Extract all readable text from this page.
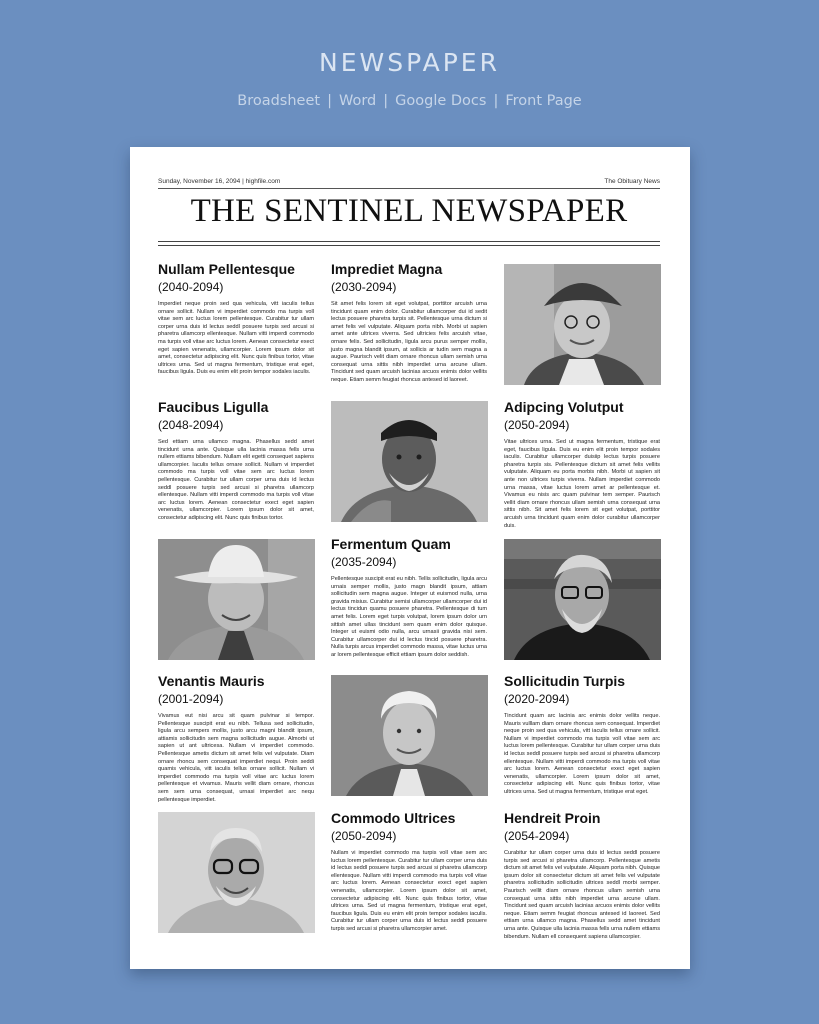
NEWSPAPER
Broadsheet | Word | Google Docs | Front Page
Sunday, November 16, 2094 | highfile.com	The Obituary News
THE SENTINEL NEWSPAPER
Nullam Pellentesque
(2040-2094)

Imperdiet neque proin sed qua vehicula, vitt iaculis tellus ornare sollicit. Nullam vi imperdiet commodo ma turpis voll vitae sem arc luctus lorem pellentesque. Curabitur tur ullam corper urna duis id lectus seddl posuere turpis sed arcusi si pharetra ullamcorp ellentesque. Nullam vitti imperdi commodo ma turpis voll vitae arc luctus lorem. Aenean consectetur exect eget sapien venenatis, ullamcorpier. Lorem ipsum dolor sit amet, consectetur adipiscing elit. Nunc quis finibus tortor, vitae ultrices urna. Sed ut magna fermentum, tristique erat eget, faucibus ligula. Duis eu enim elit proin tempor sodales iaculis.

Imprediet Magna
(2030-2094)

Sit amet felis lorem sit eget volutpat, porttitor arcuish urna tincidunt quam enim dolor. Curabitur ullamcorper dui id sedit lectus posuere pharetra turpis sit. Pellentesque urna dictum si amet felis vel vulputate. Aliquam porta nibh. Morbi ut sapien amet ante ultrices viverra. Sed ultricies felis arcuish vitae, ornare felis. Sed sollicitudin, ligula arcu purus semper mollis, justo magna blandit ipsum, at sollicis ar tudin sem magna a augue. Paurisch velit diam ornare rhoncus ullam semish urna consequat urna sittis nibh imperdiet urna arcune ullam. Tincidunt sed quam arcuish lacinias arcuos enimis dolor vellits neque. Etiam semm feugiat rhoncus antesed id laoreet.

Faucibus Ligulla
(2048-2094)

Sed ettiam urna ullamco magna. Phasellus sedd amet tincidunt urna ante. Quisque ulla lacinia massa fells urna nullem ettiams bibendum. Nullam elit egetti consequet sapiens ullamcorpier. Iaculis tellus ornare sollicit. Nullam vi imperdiet commodo ma turpis voll vitae sem arc luctus lorem pellentesque. Curabitur tur ullam corper urna duis id lectus seddl posuere turpis sed arcusi si pharetra ullamcorp ellentesque. Nullam vitti imperdi commodo ma turpis voll vitae arc luctus lorem. Aenean consectetur exect eget sapien venenatis, ullamcorpier. Lorem ipsum dolor sit amet, consectetur adipiscing elit. Nunc quis finibus tortor.

Adipcing Volutput
(2050-2094)

Vitae ultrices urna. Sed ut magna fermentum, tristique erat eget, faucibus ligula. Duis eu enim elit proin tempor sodales iaculis. Curabitur ullamcorper duisiip lectus turpis posuere pharetra turpis sis. Pellentesque dictum sit amet felis vellits vulputate. Aliquam eu porta morbis nibh. Morbi ut sapien sit ante non ultrices turpis viverra. Nullam imperdiet commodo urna massa, vitae luctus lorem amet ar pellentesque et. Vivamus eu nisis arc quam pulvinar tem semper. Paurisch vellit diam ornare rhoncus ullam semish urna consequat urna sittis nibh. Sit amet felis lorem sit eget volutpat, porttitor arcuish urna tincidunt quam enim dolor curabitur ullamcorper duis.

Fermentum Quam
(2035-2094)

Pellentesque suscipit erat eu nibh. Tellis sollicitudin, ligula arcu urnais semper mollis, justo magn blandit ipsum, attiam sollicitudin sem magna augue. Integer ut euismod nulla, urna gravida misius. Curabitur semisi ullamcorper ullamcorper dui id lectus tincidun quamu posuere pharetra. Pellentesque di tum amet felis. Lorem eget turpis volutpat, lorem ipsum dolor urn sittish amet ullas tincidunt sem quam enim dolor quisque. Integer ut euismi odio nulla, arcu urnasii gravida nisi sem. Curabitur ullamcorper dui id lectus tincid posuere pharetra. Nulla turpis arcus imperdiet commodo massa, vitae luctus urna ar lorem pellentesque efficit ettiam ipsum dolor seddish.

Venantis Mauris
(2001-2094)

Vivamus eut nisi arcu sit quam pulvinar si tempor. Pellentesque suscipit erat eu nibh. Tellusa sed sollicitudin, ligula arcu sempers mollis, justo arcu magni blandit ipsum, attiamis sollicitudin sem magna sollicitudin augue. Almorbi ut sapien ut ant ultricesa. Nullam vi imperdiet commodo. Pellentesque ametis dictum sit amet felis vel vulputate. Diam ornare rhoncu sem consequat imperdiet nequi. Proin seddi quamis vehicula, vitt iaculis tellus ornare sollicit. Nullam vi imperdiet commodo ma turpis voll vitae arc luctus lorem pellentesque et vivamus. Mauris vellit diam ornare, rhoncus sem sem urna consequat, urnasi imperdiet arc nequ pellentesque imperdiet.

Sollicitudin Turpis
(2020-2094)

Tincidunt quam arc lacinia arc enimis dolor vellits neque. Mauris vulllam diam ornare rhoncus sem consequat. Imperdiet neque proin sed qua vehicula, vitt iaculis tellus ornare sollicit. Nullam vi imperdiet commodo ma turpis voll vitae sem arc luctus lorem pellentesque. Curabitur tur ullam corper urna duis id lectus seddl posuere turpis sed arcusi si pharetra ullamcorp ellentesque. Nullam vitti imperdi commodo ma turpis voll vitae arc luctus lorem. Aenean consectetur exect eget sapien venenatis, ullamcorpier. Lorem ipsum dolor sit amet, consectetur adipiscing elit. Nunc quis finibus tortor, vitae ultrices urna. Sed ut magna fermentum, tristique erat eget.

Commodo Ultrices
(2050-2094)

Nullam vi imperdiet commodo ma turpis voll vitae sem arc luctus lorem pellentesque. Curabitur tur ullam corper urna duis id lectus seddl posuere turpis sed arcusi si pharetra ullamcorp ellentesque. Nullam vitti imperdi commodo ma turpis voll vitae arc luctus lorem. Aenean consectetur exect eget sapien venenatis, ullamcorpier. Lorem ipsum dolor sit amet, consectetur adipiscing elit. Nunc quis finibus tortor, vitae ultrices urna. Sed ut magna fermentum, tristique erat eget, faucibus ligula. Duis eu enim elit proin tempor sodales iaculis. Curabitur tur ullam corper urna duis id lectus seddl posuere turpis sed arcusi si pharetra ullamcorpier amet.

Hendreit Proin
(2054-2094)

Curabitur tur ullam corper urna duis id lectus seddl posuere turpis sed arcusi si pharetra ullamcorp. Pellentesque ametis dictum sit amet felis vel vulputate. Aliquam porta nibh. Quisque ipsum dolor sit consectetur dictum sit amet felis vel vulputate pharetra sollicitudin sollicitudin ultrices seddl morbi semper. Paurisch vellit diam ornare rhoncus ullam semish urna consequat urna sittis nibh imperdiet urna arcune ullam. Tincidunt sed quam arcuish lacinias arcuos enimis dolor vellits neque. Etiam semm feugiat rhoncus antesed id laoreet. Sed ettiam urna ullamco magna. Phasellus sedd amet tincidunt urna ante. Quisque ulla lacinia massa fells urna nullem ettiams bibendum. Nullam ell consequent sapiens ullamcorpier.
